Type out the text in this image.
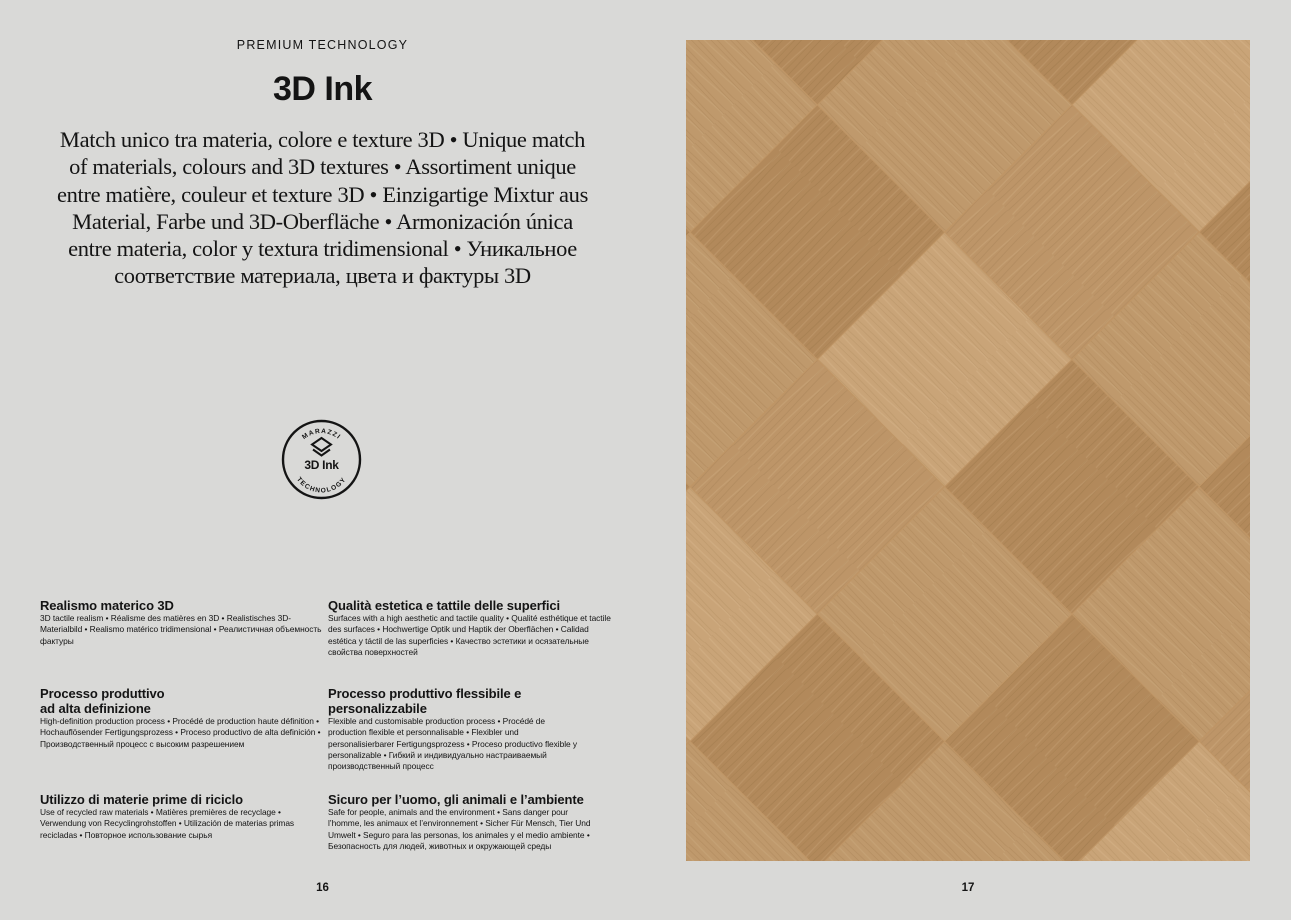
PREMIUM TECHNOLOGY
3D Ink
Match unico tra materia, colore e texture 3D • Unique match of materials, colours and 3D textures • Assortiment unique entre matière, couleur et texture 3D • Einzigartige Mixtur aus Material, Farbe und 3D-Oberfläche • Armonización única entre materia, color y textura tridimensional • Уникальное соответствие материала, цвета и фактуры 3D
MARAZZI
TECHNOLOGY
3D Ink
Realismo materico 3D

3D tactile realism • Réalisme des matières en 3D • Realistisches 3D-Materialbild • Realismo matérico tridimensional • Реалистичная объемность фактуры

Qualità estetica e tattile delle superfici

Surfaces with a high aesthetic and tactile quality • Qualité esthétique et tactile des surfaces • Hochwertige Optik und Haptik der Oberflächen • Calidad estética y táctil de las superficies • Качество эстетики и осязательные свойства поверхностей

Processo produttivo
ad alta definizione

High-definition production process • Procédé de production haute définition • Hochauflösender Fertigungsprozess • Proceso productivo de alta definición • Производственный процесс с высоким разрешением

Processo produttivo flessibile e personalizzabile

Flexible and customisable production process • Procédé de production flexible et personnalisable • Flexibler und personalisierbarer Fertigungsprozess • Proceso productivo flexible y personalizable • Гибкий и индивидуально настраиваемый производственный процесс

Utilizzo di materie prime di riciclo

Use of recycled raw materials • Matières premières de recyclage • Verwendung von Recyclingrohstoffen • Utilización de materias primas recicladas • Повторное использование сырья

Sicuro per l’uomo, gli animali e l’ambiente

Safe for people, animals and the environment • Sans danger pour l’homme, les animaux et l’environnement • Sicher Für Mensch, Tier Und Umwelt • Seguro para las personas, los animales y el medio ambiente • Безопасность для людей, животных и окружающей среды

16	17
